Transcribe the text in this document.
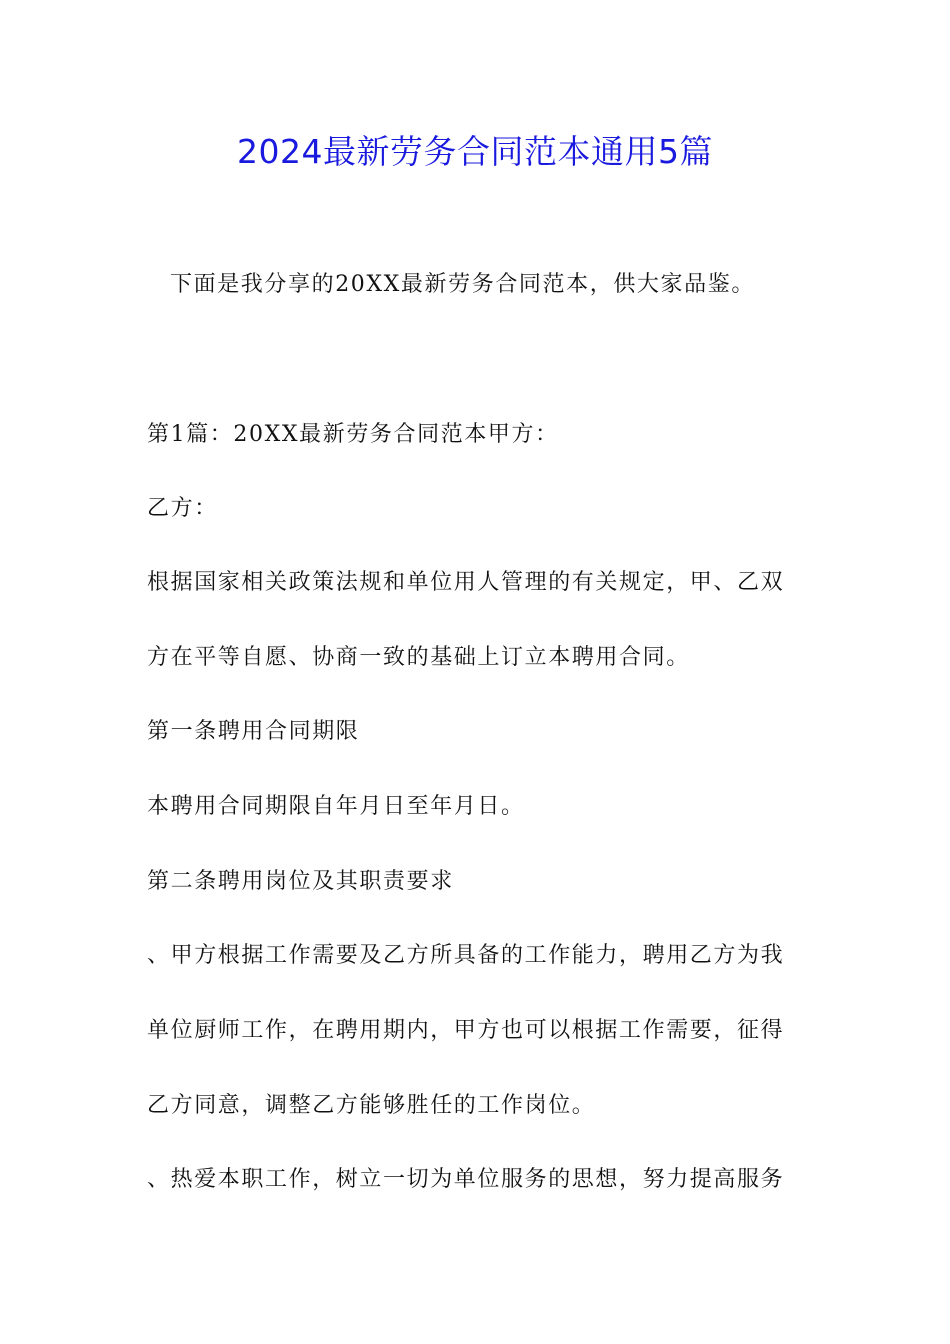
2024最新劳务合同范本通用5篇
下面是我分享的20XX最新劳务合同范本，供大家品鉴。
第1篇：20XX最新劳务合同范本甲方：
乙方：
根据国家相关政策法规和单位用人管理的有关规定，甲、乙双
方在平等自愿、协商一致的基础上订立本聘用合同。
第一条聘用合同期限
本聘用合同期限自年月日至年月日。
第二条聘用岗位及其职责要求
、甲方根据工作需要及乙方所具备的工作能力，聘用乙方为我
单位厨师工作，在聘用期内，甲方也可以根据工作需要，征得
乙方同意，调整乙方能够胜任的工作岗位。
、热爱本职工作，树立一切为单位服务的思想，努力提高服务
